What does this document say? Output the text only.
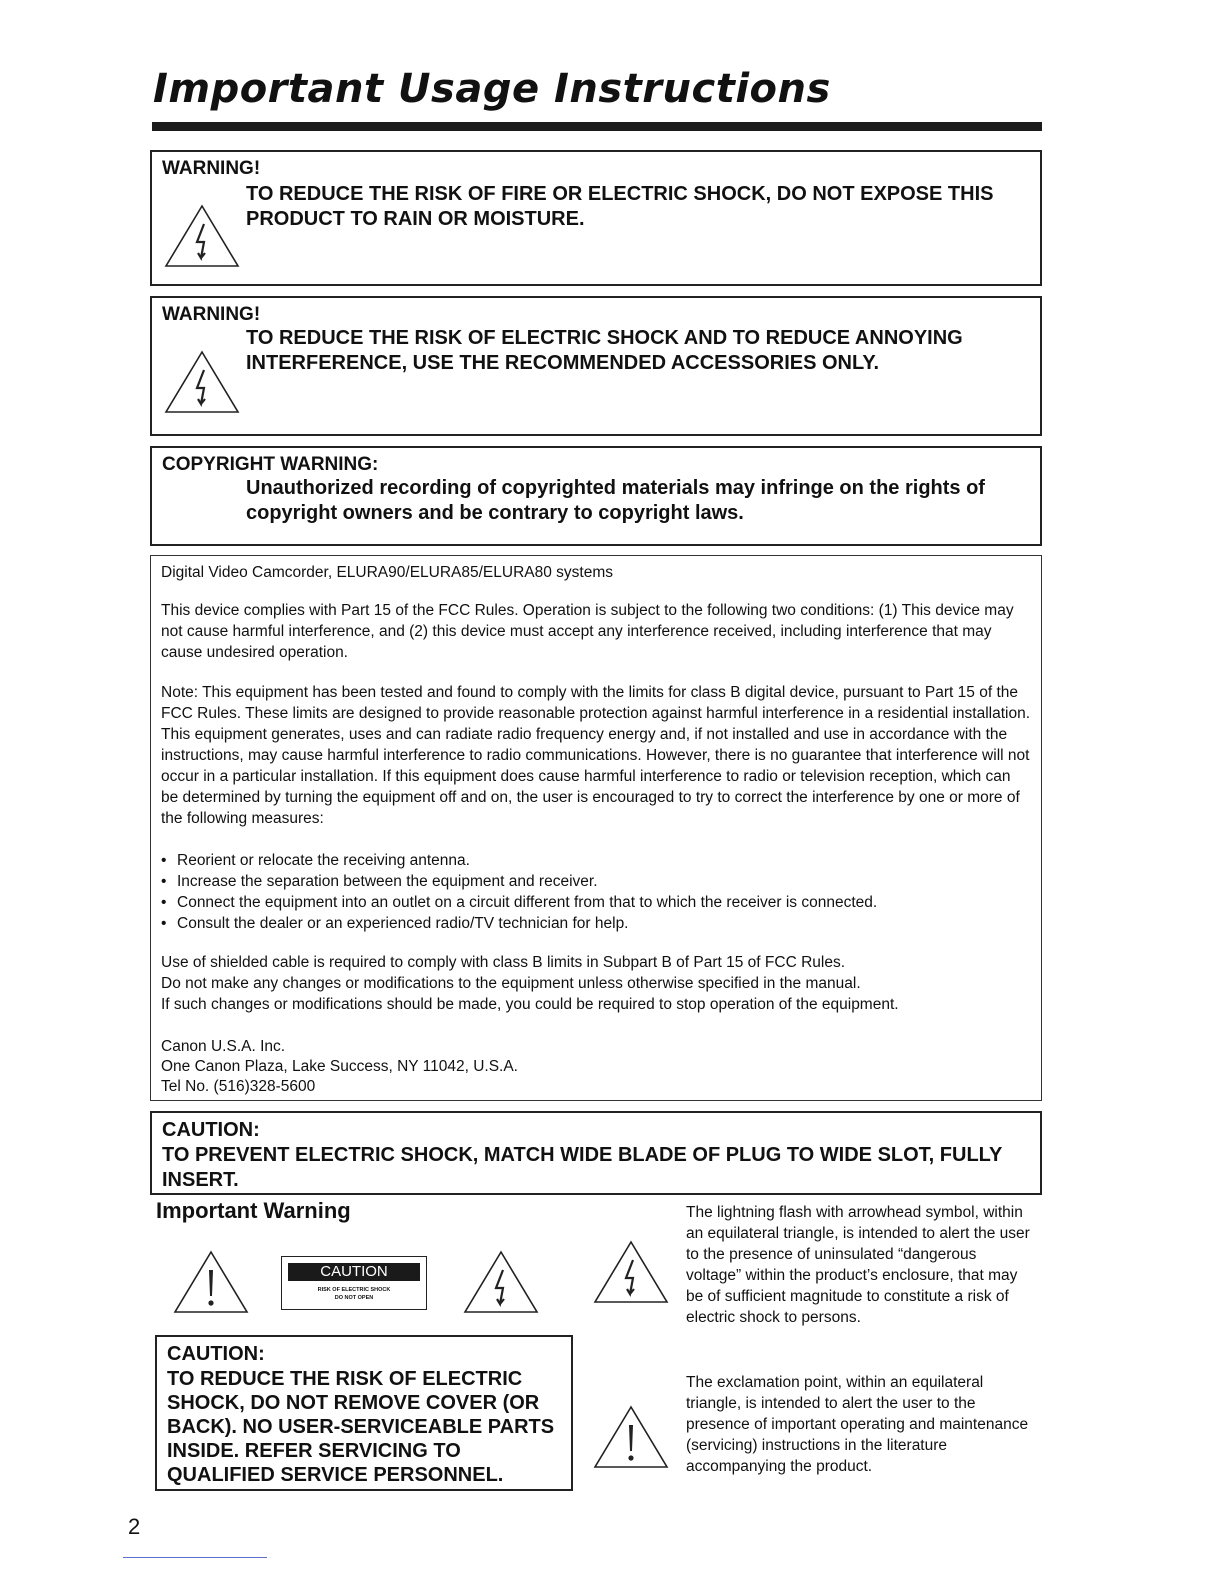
Important Usage Instructions
WARNING!

TO REDUCE THE RISK OF FIRE OR ELECTRIC SHOCK, DO NOT EXPOSE THIS PRODUCT TO RAIN OR MOISTURE.

WARNING!

TO REDUCE THE RISK OF ELECTRIC SHOCK AND TO REDUCE ANNOYING INTERFERENCE, USE THE RECOMMENDED ACCESSORIES ONLY.

COPYRIGHT WARNING:

Unauthorized recording of copyrighted materials may infringe on the rights of copyright owners and be contrary to copyright laws.

Digital Video Camcorder, ELURA90/ELURA85/ELURA80 systems

This device complies with Part 15 of the FCC Rules. Operation is subject to the following two conditions: (1) This device may not cause harmful interference, and (2) this device must accept any interference received, including interference that may cause undesired operation.

Note: This equipment has been tested and found to comply with the limits for class B digital device, pursuant to Part 15 of the FCC Rules. These limits are designed to provide reasonable protection against harmful interference in a residential installation. This equipment generates, uses and can radiate radio frequency energy and, if not installed and use in accordance with the instructions, may cause harmful interference to radio communications. However, there is no guarantee that interference will not occur in a particular installation. If this equipment does cause harmful interference to radio or television reception, which can be determined by turning the equipment off and on, the user is encouraged to try to correct the interference by one or more of the following measures:

• Reorient or relocate the receiving antenna.
• Increase the separation between the equipment and receiver.
• Connect the equipment into an outlet on a circuit different from that to which the receiver is connected.
• Consult the dealer or an experienced radio/TV technician for help.

Use of shielded cable is required to comply with class B limits in Subpart B of Part 15 of FCC Rules.

Do not make any changes or modifications to the equipment unless otherwise specified in the manual.

If such changes or modifications should be made, you could be required to stop operation of the equipment.

Canon U.S.A. Inc.

One Canon Plaza, Lake Success, NY 11042, U.S.A.

Tel No. (516)328-5600

CAUTION:

TO PREVENT ELECTRIC SHOCK, MATCH WIDE BLADE OF PLUG TO WIDE SLOT, FULLY INSERT.

Important Warning
CAUTION
RISK OF ELECTRIC SHOCK
DO NOT OPEN
CAUTION:

TO REDUCE THE RISK OF ELECTRIC SHOCK, DO NOT REMOVE COVER (OR BACK). NO USER-SERVICEABLE PARTS INSIDE. REFER SERVICING TO QUALIFIED SERVICE PERSONNEL.

The lightning flash with arrowhead symbol, within an equilateral triangle, is intended to alert the user to the presence of uninsulated “dangerous voltage” within the product’s enclosure, that may be of sufficient magnitude to constitute a risk of electric shock to persons.

The exclamation point, within an equilateral triangle, is intended to alert the user to the presence of important operating and maintenance (servicing) instructions in the literature accompanying the product.

2
